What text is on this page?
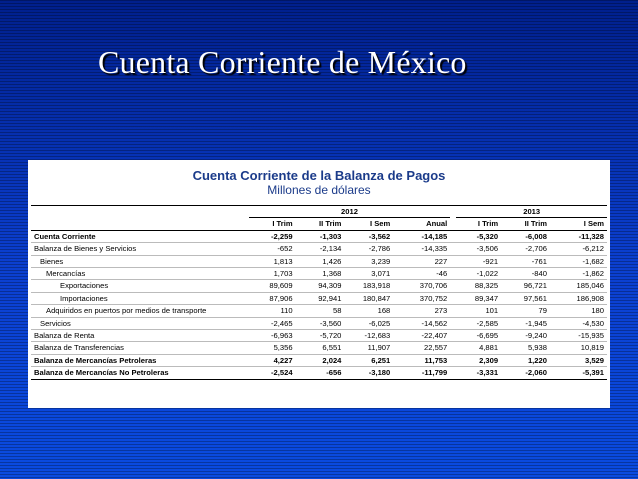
Cuenta Corriente de México
Cuenta Corriente de la Balanza de Pagos
Millones de dólares
	2012					2013		
	I Trim	II Trim	I Sem	Anual		I Trim	II Trim	I Sem
Cuenta Corriente	-2,259	-1,303	-3,562	-14,185		-5,320	-6,008	-11,328
Balanza de Bienes y Servicios	-652	-2,134	-2,786	-14,335		-3,506	-2,706	-6,212
Bienes	1,813	1,426	3,239	227		-921	-761	-1,682
Mercancías	1,703	1,368	3,071	-46		-1,022	-840	-1,862
Exportaciones	89,609	94,309	183,918	370,706		88,325	96,721	185,046
Importaciones	87,906	92,941	180,847	370,752		89,347	97,561	186,908
Adquiridos en puertos por medios de transporte	110	58	168	273		101	79	180
Servicios	-2,465	-3,560	-6,025	-14,562		-2,585	-1,945	-4,530
Balanza de Renta	-6,963	-5,720	-12,683	-22,407		-6,695	-9,240	-15,935
Balanza de Transferencias	5,356	6,551	11,907	22,557		4,881	5,938	10,819
Balanza de Mercancías Petroleras	4,227	2,024	6,251	11,753		2,309	1,220	3,529
Balanza de Mercancías No Petroleras	-2,524	-656	-3,180	-11,799		-3,331	-2,060	-5,391
